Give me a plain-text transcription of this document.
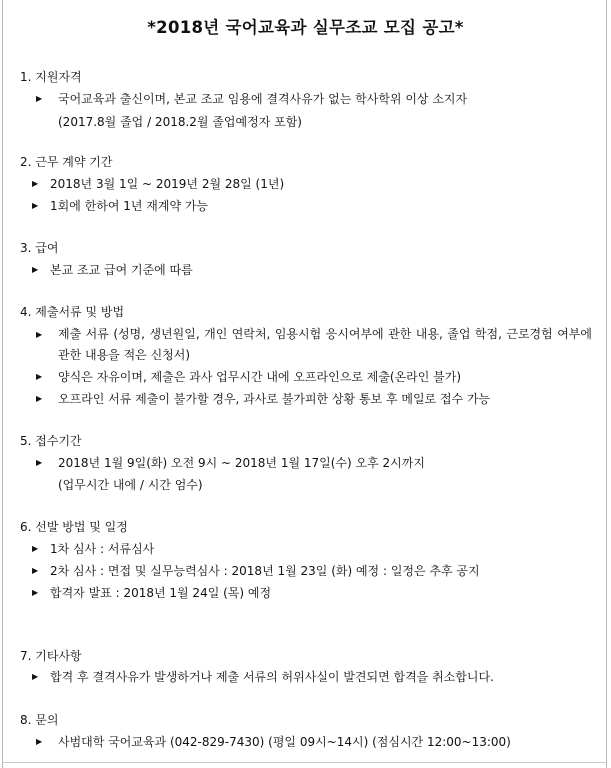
*2018년 국어교육과 실무조교 모집 공고*
1. 지원자격
▶	국어교육과 출신이며, 본교 조교 임용에 결격사유가 없는 학사학위 이상 소지자
(2017.8월 졸업 / 2018.2월 졸업예정자 포함)
2. 근무 계약 기간
▶ 2018년 3월 1일 ~ 2019년 2월 28일 (1년)
▶ 1회에 한하여 1년 재계약 가능
3. 급여
▶ 본교 조교 급여 기준에 따름
4. 제출서류 및 방법
▶	제출 서류 (성명, 생년원일, 개인 연락처, 임용시험 응시여부에 관한 내용, 졸업 학점, 근로경험 여부에 관한 내용을 적은 신청서)
▶	양식은 자유이며, 제출은 과사 업무시간 내에 오프라인으로 제출(온라인 불가)
▶	오프라인 서류 제출이 불가할 경우, 과사로 불가피한 상황 통보 후 메일로 접수 가능
5. 접수기간
▶	2018년 1월 9일(화) 오전 9시 ~ 2018년 1월 17일(수) 오후 2시까지
(업무시간 내에 / 시간 엄수)
6. 선발 방법 및 일정
▶ 1차 심사 : 서류심사
▶ 2차 심사 : 면접 및 실무능력심사 : 2018년 1월 23일 (화) 예정 : 일정은 추후 공지
▶ 합격자 발표 : 2018년 1월 24일 (목) 예정
7. 기타사항
▶ 합격 후 결격사유가 발생하거나 제출 서류의 허위사실이 발견되면 합격을 취소합니다.
8. 문의
▶	사범대학 국어교육과 (042-829-7430) (평일 09시~14시) (점심시간 12:00~13:00)
